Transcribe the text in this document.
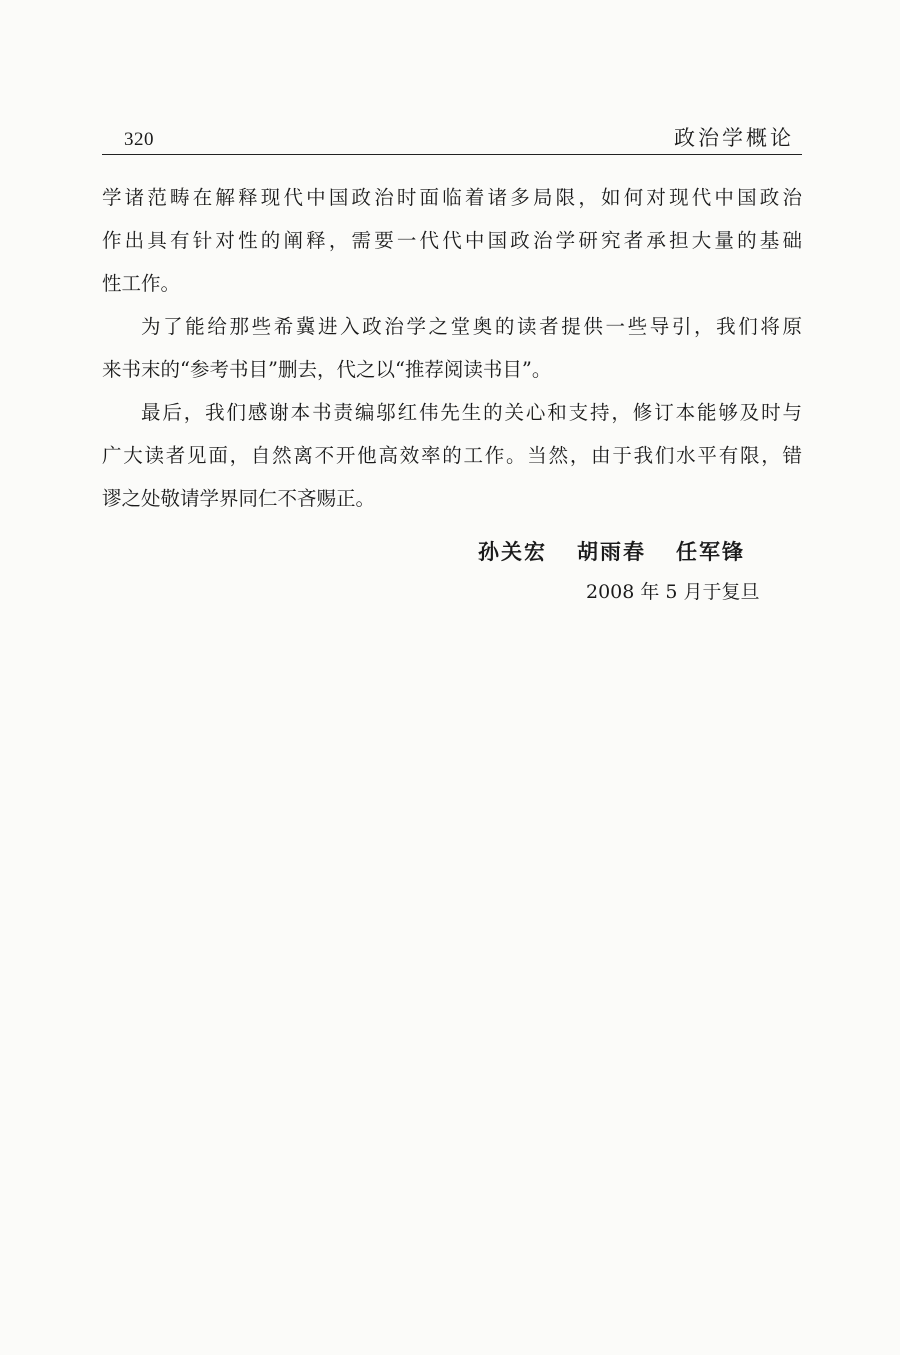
320	政治学概论
学诸范畴在解释现代中国政治时面临着诸多局限，如何对现代中国政治
作出具有针对性的阐释，需要一代代中国政治学研究者承担大量的基础
性工作。
为了能给那些希冀进入政治学之堂奥的读者提供一些导引，我们将原
来书末的“参考书目”删去，代之以“推荐阅读书目”。
最后，我们感谢本书责编邬红伟先生的关心和支持，修订本能够及时与
广大读者见面，自然离不开他高效率的工作。当然，由于我们水平有限，错
谬之处敬请学界同仁不吝赐正。
孙关宏 胡雨春 任军锋
2008 年 5 月于复旦
